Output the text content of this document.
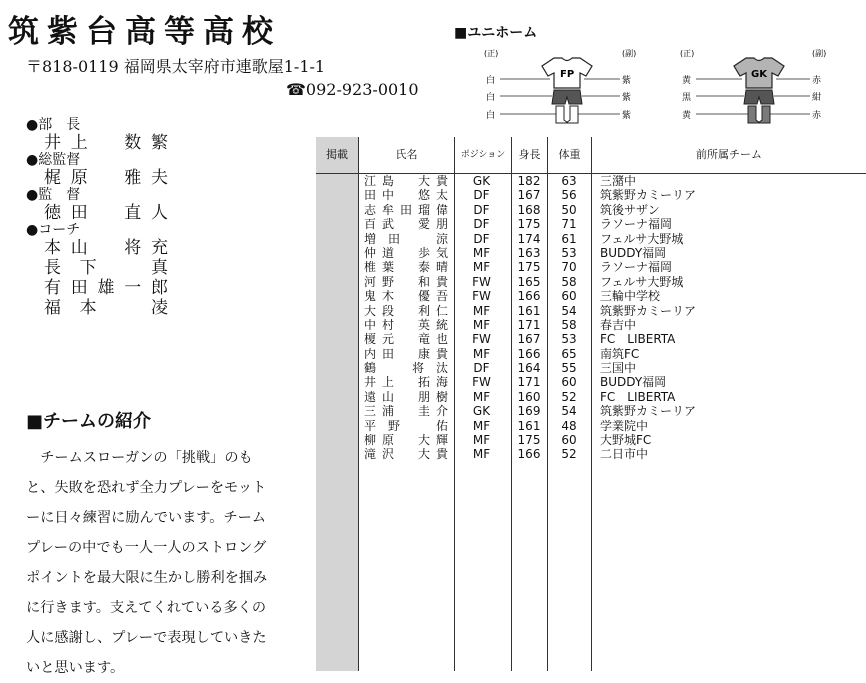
筑紫台高等高校
〒818-0119 福岡県太宰府市連歌屋1-1-1
☎092-923-0010
●部　長
井上　数繁
●総監督
梶原　雅夫
●監　督
徳田　直人
●コーチ
本山　将充
長下　真
有田雄一郎
福本　凌
■チームの紹介

チームスローガンの「挑戦」のもと、失敗を恐れず全力プレーをモットーに日々練習に励んでいます。チームプレーの中でも一人一人のストロングポイントを最大限に生かし勝利を掴みに行きます。支えてくれている多くの人に感謝し、プレーで表現していきたいと思います。

■ユニホーム
(正)	(副)
FP
白
白
白
紫
紫
紫
(正)	(副)
GK
黄
黒
黄
赤
紺
赤
掲載	氏名	ポジション	身長	体重	前所属チーム
江島　大貴	GK	182	63	三潴中
田中　悠太	DF	167	56	筑紫野カミーリア
志牟田瑠偉	DF	168	50	筑後サザン
百武　愛朋	DF	175	71	ラソーナ福岡
増田　涼	DF	174	61	フェルサ大野城
仲道　歩気	MF	163	53	BUDDY福岡
椎葉　泰晴	MF	175	70	ラソーナ福岡
河野　和貴	FW	165	58	フェルサ大野城
鬼木　優吾	FW	166	60	三輪中学校
大段　利仁	MF	161	54	筑紫野カミーリア
中村　英統	MF	171	58	春吉中
榎元　竜也	FW	167	53	FC　LIBERTA
内田　康貴	MF	166	65	南筑FC
鶴　将汰	DF	164	55	三国中
井上　拓海	FW	171	60	BUDDY福岡
遠山　朋樹	MF	160	52	FC　LIBERTA
三浦　圭介	GK	169	54	筑紫野カミーリア
平野　佑	MF	161	48	学業院中
柳原　大輝	MF	175	60	大野城FC
滝沢　大貴	MF	166	52	二日市中
